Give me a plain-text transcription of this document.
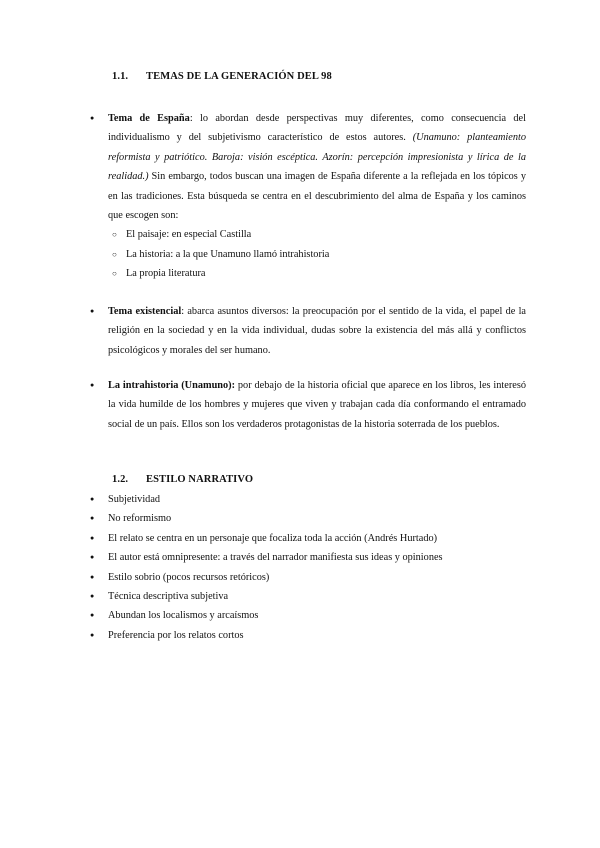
1.1. TEMAS DE LA GENERACIÓN DEL 98
● Tema de España: lo abordan desde perspectivas muy diferentes, como consecuencia del individualismo y del subjetivismo característico de estos autores. (Unamuno: planteamiento reformista y patriótico. Baroja: visión escéptica. Azorín: percepción impresionista y lírica de la realidad.) Sin embargo, todos buscan una imagen de España diferente a la reflejada en los tópicos y en las tradiciones. Esta búsqueda se centra en el descubrimiento del alma de España y los caminos que escogen son:
○ El paisaje: en especial Castilla
○ La historia: a la que Unamuno llamó intrahistoria
○ La propia literatura
● Tema existencial: abarca asuntos diversos: la preocupación por el sentido de la vida, el papel de la religión en la sociedad y en la vida individual, dudas sobre la existencia del más allá y conflictos psicológicos y morales del ser humano.
● La intrahistoria (Unamuno): por debajo de la historia oficial que aparece en los libros, les interesó la vida humilde de los hombres y mujeres que viven y trabajan cada día conformando el entramado social de un país. Ellos son los verdaderos protagonistas de la historia soterrada de los pueblos.
1.2. ESTILO NARRATIVO
● Subjetividad
● No reformismo
● El relato se centra en un personaje que focaliza toda la acción (Andrés Hurtado)
● El autor está omnipresente: a través del narrador manifiesta sus ideas y opiniones
● Estilo sobrio (pocos recursos retóricos)
● Técnica descriptiva subjetiva
● Abundan los localismos y arcaísmos
● Preferencia por los relatos cortos
